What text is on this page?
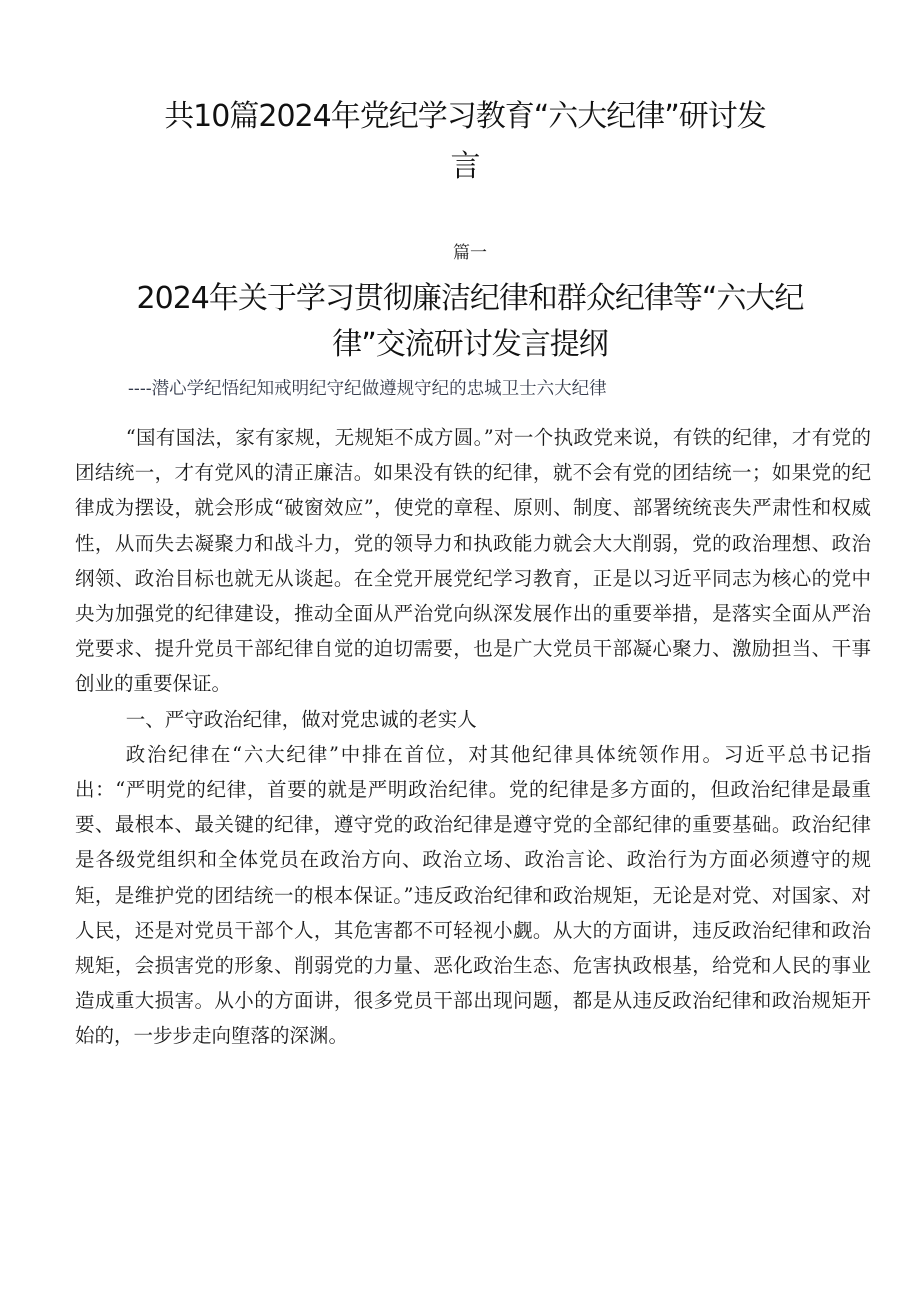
共10篇2024年党纪学习教育“六大纪律”研讨发言
篇一
2024年关于学习贯彻廉洁纪律和群众纪律等“六大纪律”交流研讨发言提纲
----潜心学纪悟纪知戒明纪守纪做遵规守纪的忠城卫士六大纪律

“国有国法，家有家规，无规矩不成方圆。”对一个执政党来说，有铁的纪律，才有党的团结统一，才有党风的清正廉洁。如果没有铁的纪律，就不会有党的团结统一；如果党的纪律成为摆设，就会形成“破窗效应”，使党的章程、原则、制度、部署统统丧失严肃性和权威性，从而失去凝聚力和战斗力，党的领导力和执政能力就会大大削弱，党的政治理想、政治纲领、政治目标也就无从谈起。在全党开展党纪学习教育，正是以习近平同志为核心的党中央为加强党的纪律建设，推动全面从严治党向纵深发展作出的重要举措，是落实全面从严治党要求、提升党员干部纪律自觉的迫切需要，也是广大党员干部凝心聚力、激励担当、干事创业的重要保证。

一、严守政治纪律，做对党忠诚的老实人

政治纪律在“六大纪律”中排在首位，对其他纪律具体统领作用。习近平总书记指出：“严明党的纪律，首要的就是严明政治纪律。党的纪律是多方面的，但政治纪律是最重要、最根本、最关键的纪律，遵守党的政治纪律是遵守党的全部纪律的重要基础。政治纪律是各级党组织和全体党员在政治方向、政治立场、政治言论、政治行为方面必须遵守的规矩，是维护党的团结统一的根本保证。”违反政治纪律和政治规矩，无论是对党、对国家、对人民，还是对党员干部个人，其危害都不可轻视小觑。从大的方面讲，违反政治纪律和政治规矩，会损害党的形象、削弱党的力量、恶化政治生态、危害执政根基，给党和人民的事业造成重大损害。从小的方面讲，很多党员干部出现问题，都是从违反政治纪律和政治规矩开始的，一步步走向堕落的深渊。
